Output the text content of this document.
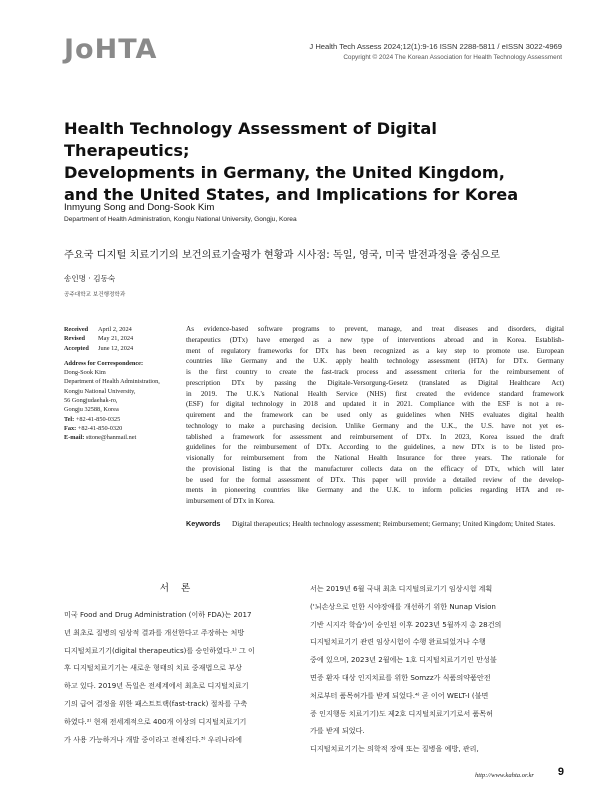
JoHTA	J Health Tech Assess 2024;12(1):9-16 ISSN 2288-5811 / eISSN 3022-4969
Copyright © 2024 The Korean Association for Health Technology Assessment
Health Technology Assessment of Digital Therapeutics;
Developments in Germany, the United Kingdom,
and the United States, and Implications for Korea
Inmyung Song and Dong-Sook Kim
Department of Health Administration, Kongju National University, Gongju, Korea
주요국 디지털 치료기기의 보건의료기술평가 현황과 시사점: 독일, 영국, 미국 발전과정을 중심으로
송인명 · 김동숙
공주대학교 보건행정학과
Received	April 2, 2024
Revised	May 21, 2024
Accepted	June 12, 2024
Address for Correspondence:
Dong-Sook Kim
Department of Health Administration,
Kongju National University,
56 Gongjudaehak-ro,
Gongju 32588, Korea
Tel: +82-41-850-0325
Fax: +82-41-850-0320
E-mail: sttone@hanmail.net
As evidence-based software programs to prevent, manage, and treat diseases and disorders, digital
therapeutics (DTx) have emerged as a new type of interventions abroad and in Korea. Establish-
ment of regulatory frameworks for DTx has been recognized as a key step to promote use. European
countries like Germany and the U.K. apply health technology assessment (HTA) for DTx. Germany
is the first country to create the fast-track process and assessment criteria for the reimbursement of
prescription DTx by passing the Digitale-Versorgung-Gesetz (translated as Digital Healthcare Act)
in 2019. The U.K.'s National Health Service (NHS) first created the evidence standard framework
(ESF) for digital technology in 2018 and updated it in 2021. Compliance with the ESF is not a re-
quirement and the framework can be used only as guidelines when NHS evaluates digital health
technology to make a purchasing decision. Unlike Germany and the U.K., the U.S. have not yet es-
tablished a framework for assessment and reimbursement of DTx. In 2023, Korea issued the draft
guidelines for the reimbursement of DTx. According to the guidelines, a new DTx is to be listed pro-
visionally for reimbursement from the National Health Insurance for three years. The rationale for
the provisional listing is that the manufacturer collects data on the efficacy of DTx, which will later
be used for the formal assessment of DTx. This paper will provide a detailed review of the develop-
ments in pioneering countries like Germany and the U.K. to inform policies regarding HTA and re-
imbursement of DTx in Korea.
Keywords	Digital therapeutics; Health technology assessment; Reimbursement; Germany; United Kingdom; United States.
서론
미국 Food and Drug Administration (이하 FDA)는 2017
년 최초로 질병의 임상적 결과를 개선한다고 주장하는 처방
디지털치료기기(digital therapeutics)를 승인하였다.¹⁾ 그 이
후 디지털치료기기는 새로운 형태의 치료 중재법으로 부상
하고 있다. 2019년 독일은 전세계에서 최초로 디지털치료기
기의 급여 결정을 위한 패스트트랙(fast-track) 절차를 구축
하였다.²⁾ 현재 전세계적으로 400개 이상의 디지털치료기기
가 사용 가능하거나 개발 중이라고 전해진다.³⁾ 우리나라에
서는 2019년 6월 국내 최초 디지털의료기기 임상시험 계획
('뇌손상으로 인한 시야장애를 개선하기 위한 Nunap Vision
기반 시지각 학습')이 승인된 이후 2023년 5월까지 총 28건의
디지털치료기기 관련 임상시험이 수행 완료되었거나 수행
중에 있으며, 2023년 2월에는 1호 디지털치료기기인 만성불
면증 환자 대상 인지치료를 위한 Somzz가 식품의약품안전
처로부터 품목허가를 받게 되었다.⁴⁾ 곧 이어 WELT-I (불면
증 인지행동 치료기기)도 제2호 디지털치료기기로서 품목허
가를 받게 되었다.
디지털치료기기는 의학적 장애 또는 질병을 예방, 관리,
http://www.kahta.or.kr 9
